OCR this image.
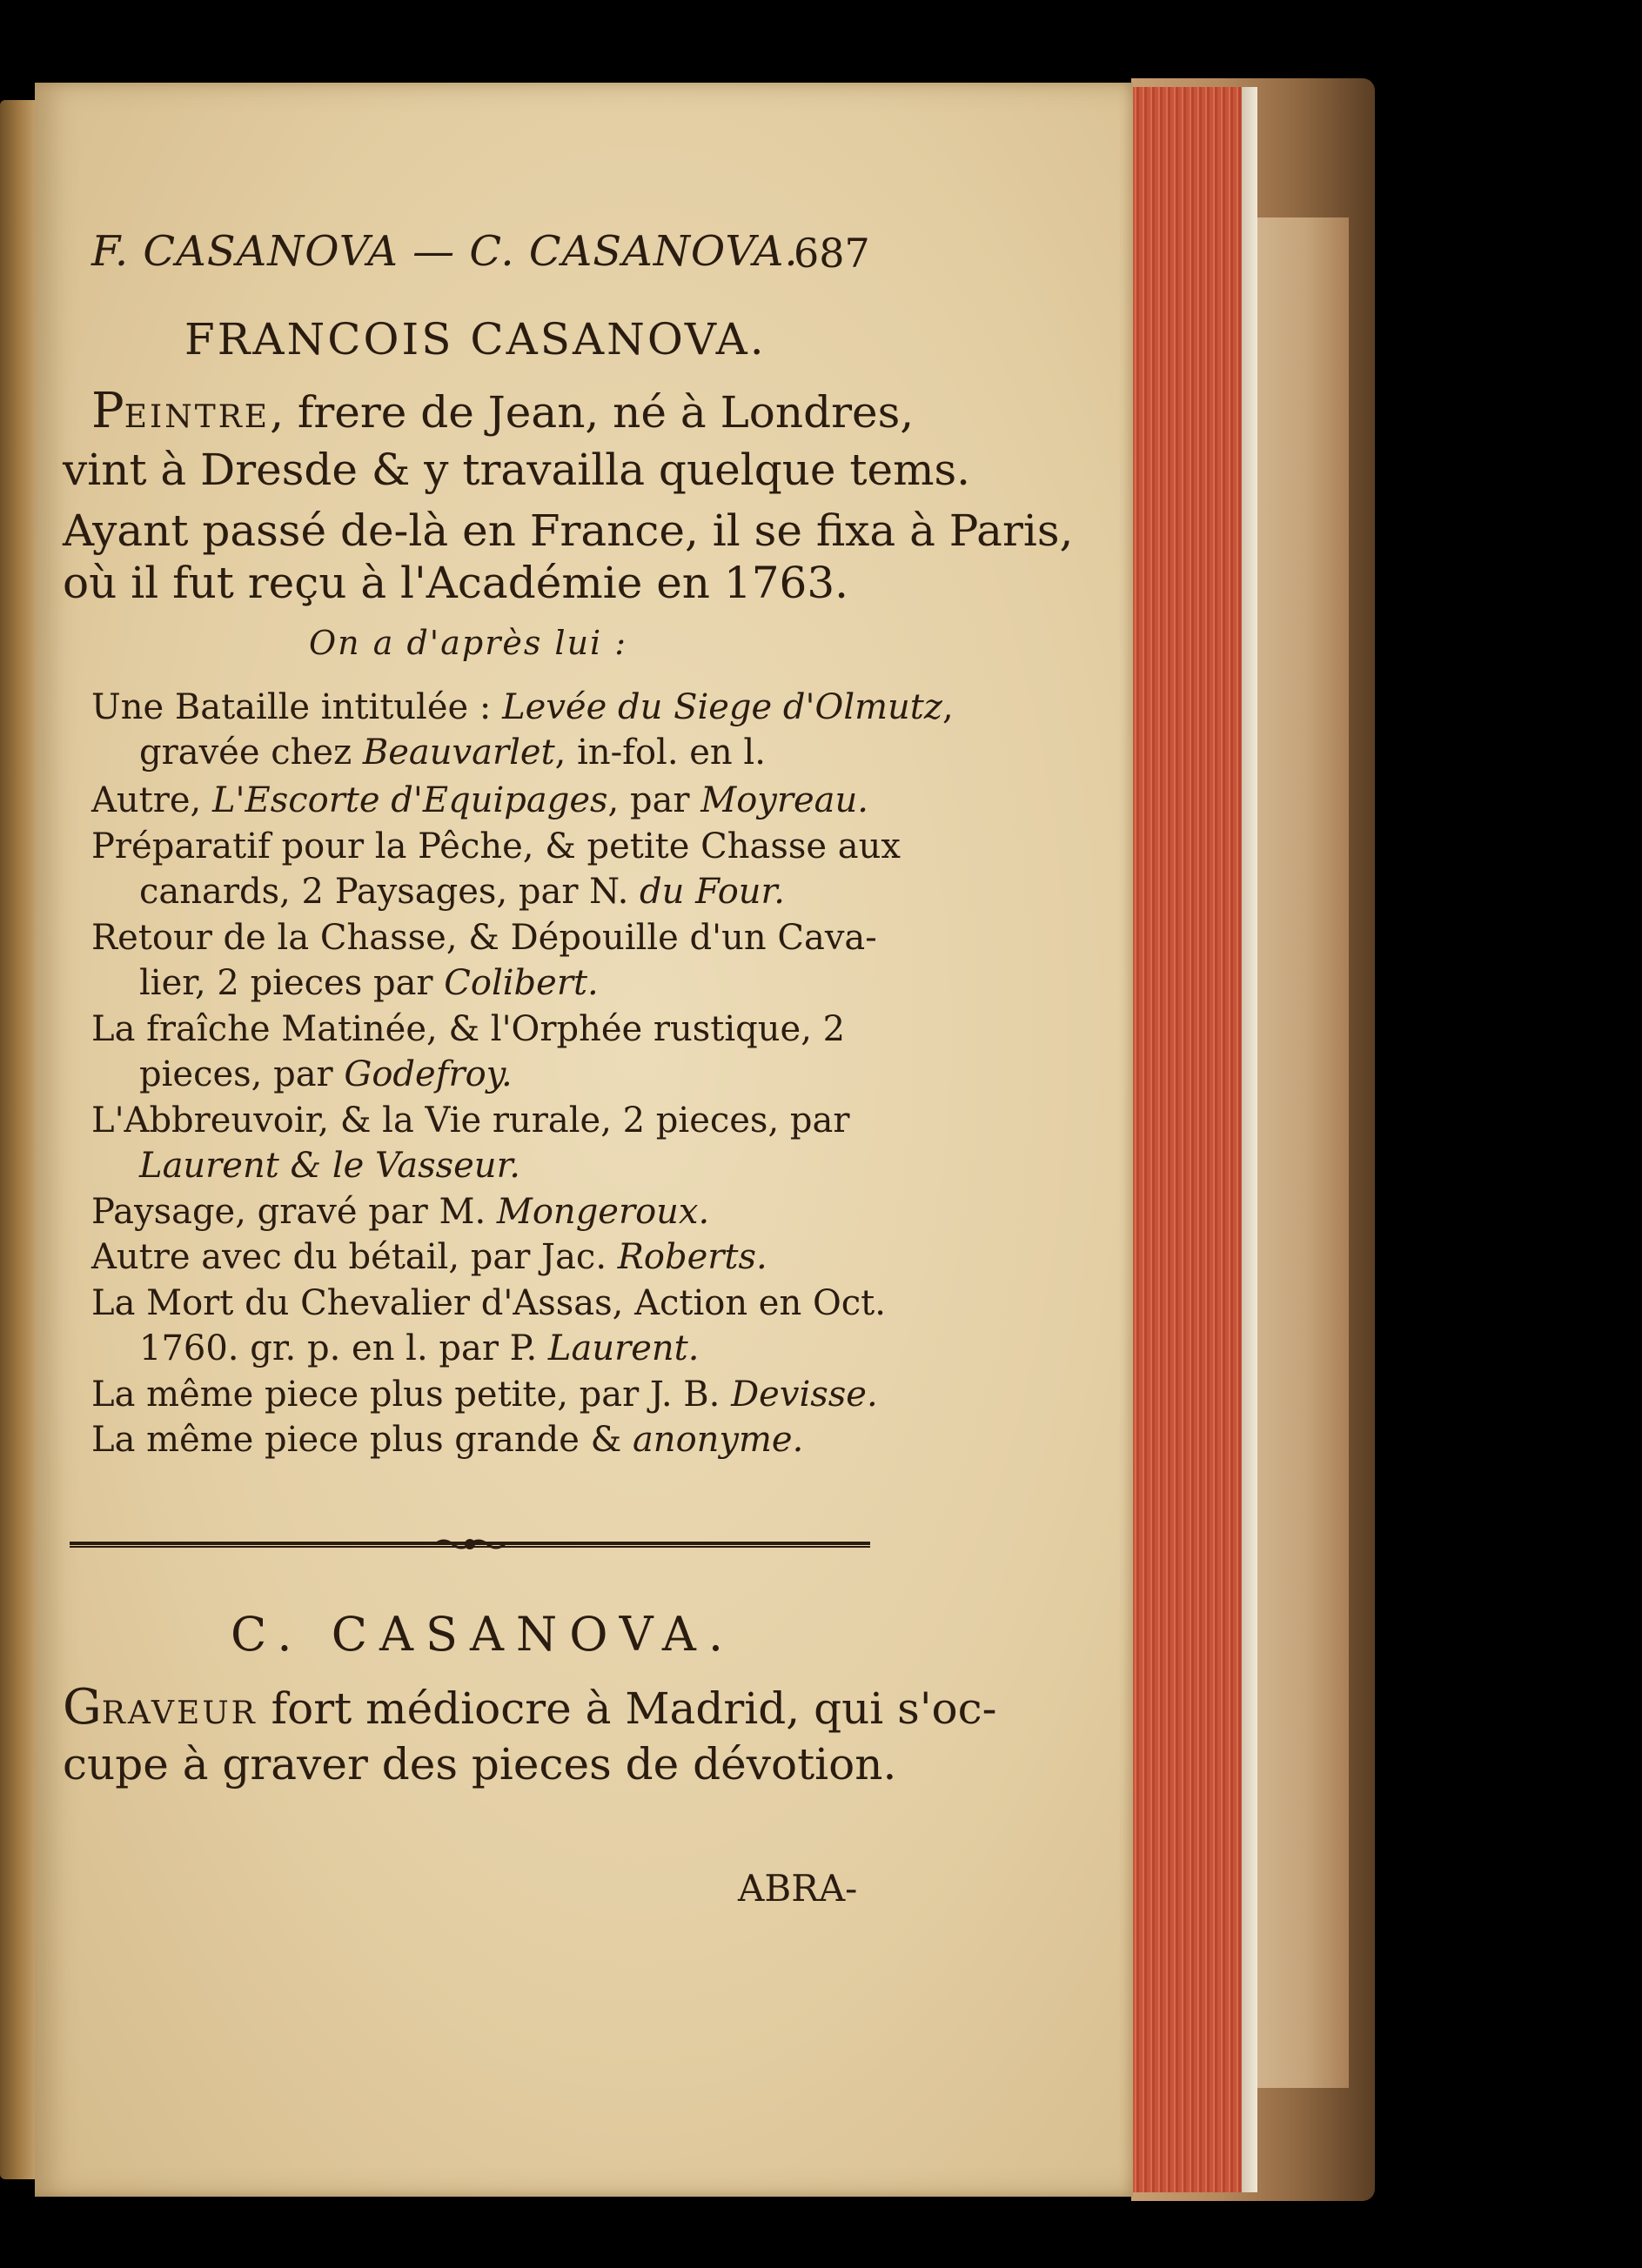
F. CASANOVA — C. CASANOVA.
687
FRANCOIS CASANOVA.
PEINTRE, frere de Jean, né à Londres,
vint à Dresde & y travailla quelque tems.
Ayant passé de-là en France, il se fixa à Paris,
où il fut reçu à l'Académie en 1763.
On a d'après lui :
Une Bataille intitulée : Levée du Siege d'Olmutz,
gravée chez Beauvarlet, in-fol. en l.
Autre, L'Escorte d'Equipages, par Moyreau.
Préparatif pour la Pêche, & petite Chasse aux
canards, 2 Paysages, par N. du Four.
Retour de la Chasse, & Dépouille d'un Cava-
lier, 2 pieces par Colibert.
La fraîche Matinée, & l'Orphée rustique, 2
pieces, par Godefroy.
L'Abbreuvoir, & la Vie rurale, 2 pieces, par
Laurent & le Vasseur.
Paysage, gravé par M. Mongeroux.
Autre avec du bétail, par Jac. Roberts.
La Mort du Chevalier d'Assas, Action en Oct.
1760. gr. p. en l. par P. Laurent.
La même piece plus petite, par J. B. Devisse.
La même piece plus grande & anonyme.
C. CASANOVA.
GRAVEUR fort médiocre à Madrid, qui s'oc-
cupe à graver des pieces de dévotion.
ABRA-
